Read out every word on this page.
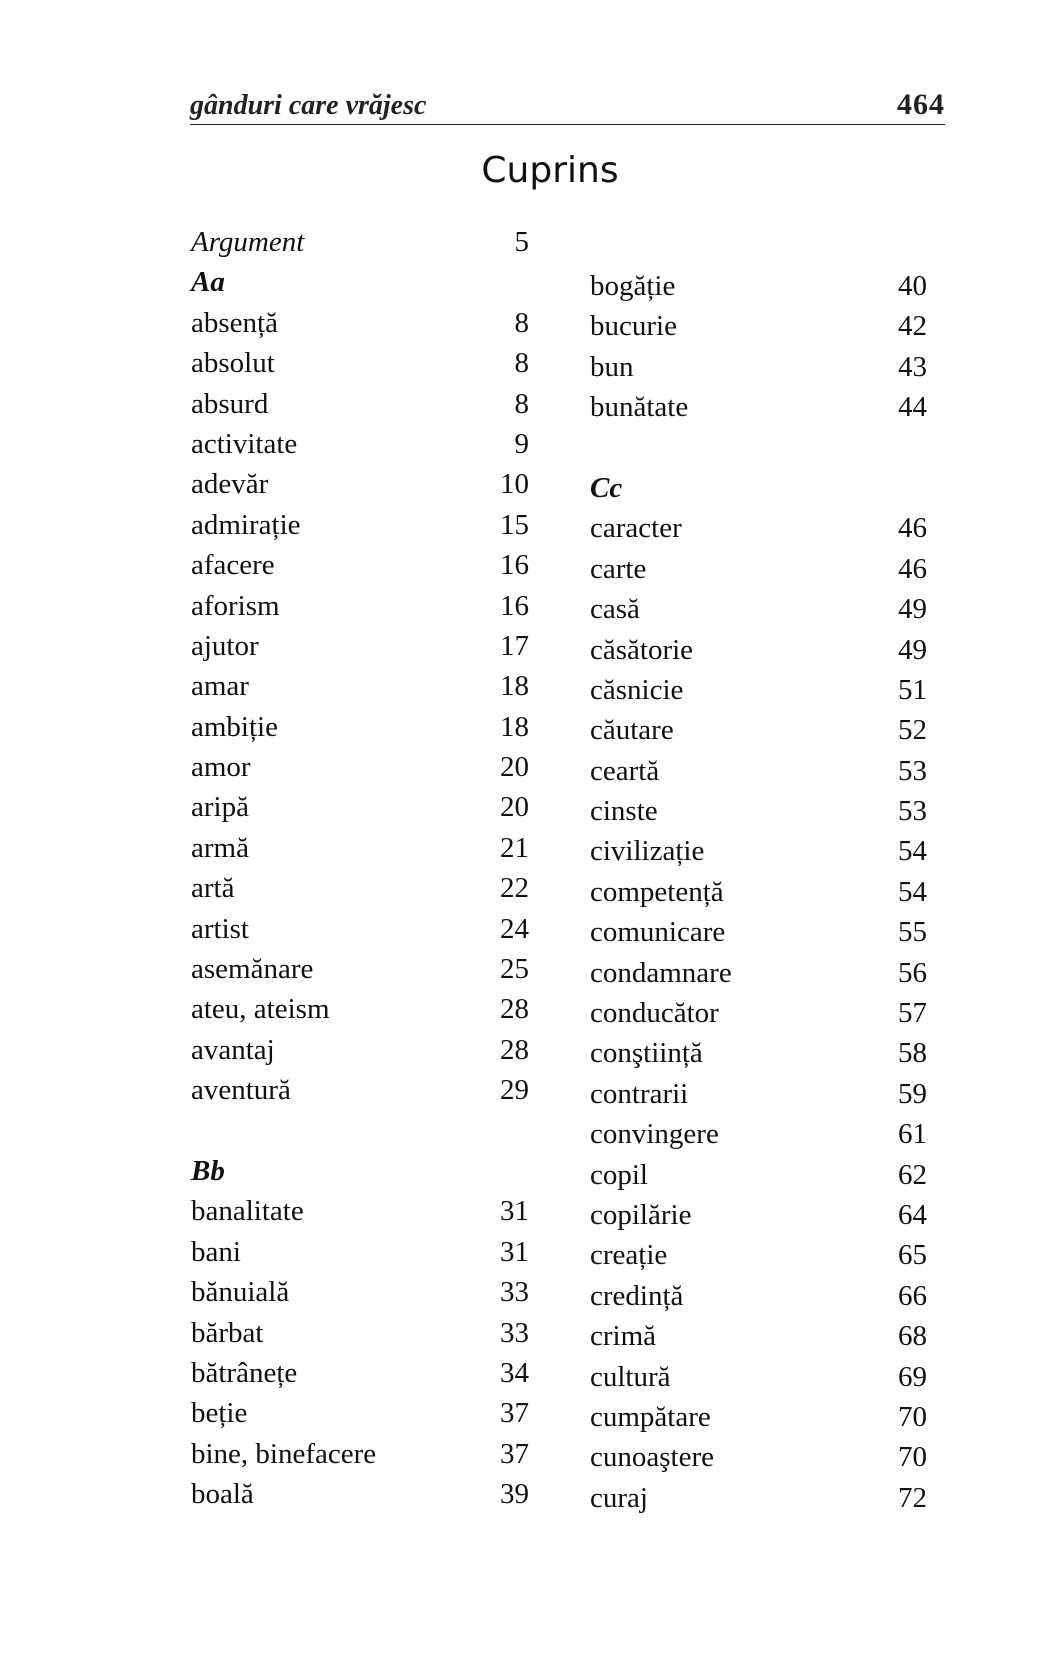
gânduri care vrăjesc	464
Cuprins
Argument	5
Aa
absență	8
absolut	8
absurd	8
activitate	9
adevăr	10
admirație	15
afacere	16
aforism	16
ajutor	17
amar	18
ambiție	18
amor	20
aripă	20
armă	21
artă	22
artist	24
asemănare	25
ateu, ateism	28
avantaj	28
aventură	29
Bb
banalitate	31
bani	31
bănuială	33
bărbat	33
bătrânețe	34
beție	37
bine, binefacere	37
boală	39
bogăție	40
bucurie	42
bun	43
bunătate	44
Cc
caracter	46
carte	46
casă	49
căsătorie	49
căsnicie	51
căutare	52
ceartă	53
cinste	53
civilizație	54
competență	54
comunicare	55
condamnare	56
conducător	57
conştiință	58
contrarii	59
convingere	61
copil	62
copilărie	64
creație	65
credință	66
crimă	68
cultură	69
cumpătare	70
cunoaştere	70
curaj	72
